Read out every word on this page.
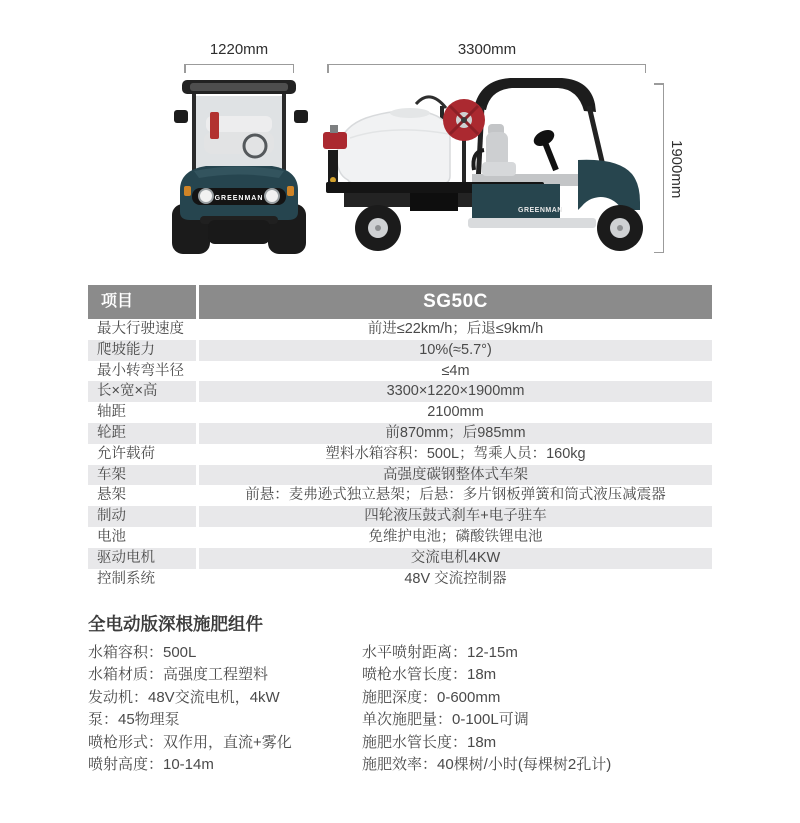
1220mm	3300mm
1900mm
GREENMAN
GREENMAN
项目	SG50C
最大行驶速度	前进≤22km/h；后退≤9km/h
爬坡能力	10%(≈5.7°)
最小转弯半径	≤4m
长×宽×高	3300×1220×1900mm
轴距	2100mm
轮距	前870mm；后985mm
允许载荷	塑料水箱容积：500L；驾乘人员：160kg
车架	高强度碳钢整体式车架
悬架	前悬：麦弗逊式独立悬架；后悬：多片钢板弹簧和筒式液压减震器
制动	四轮液压鼓式刹车+电子驻车
电池	免维护电池；磷酸铁锂电池
驱动电机	交流电机4KW
控制系统	48V 交流控制器
全电动版深根施肥组件
水箱容积：500L
水箱材质：高强度工程塑料
发动机：48V交流电机，4kW
泵：45物理泵
喷枪形式：双作用，直流+雾化
喷射高度：10-14m
水平喷射距离：12-15m
喷枪水管长度：18m
施肥深度：0-600mm
单次施肥量：0-100L可调
施肥水管长度：18m
施肥效率：40棵树/小时(每棵树2孔计)
